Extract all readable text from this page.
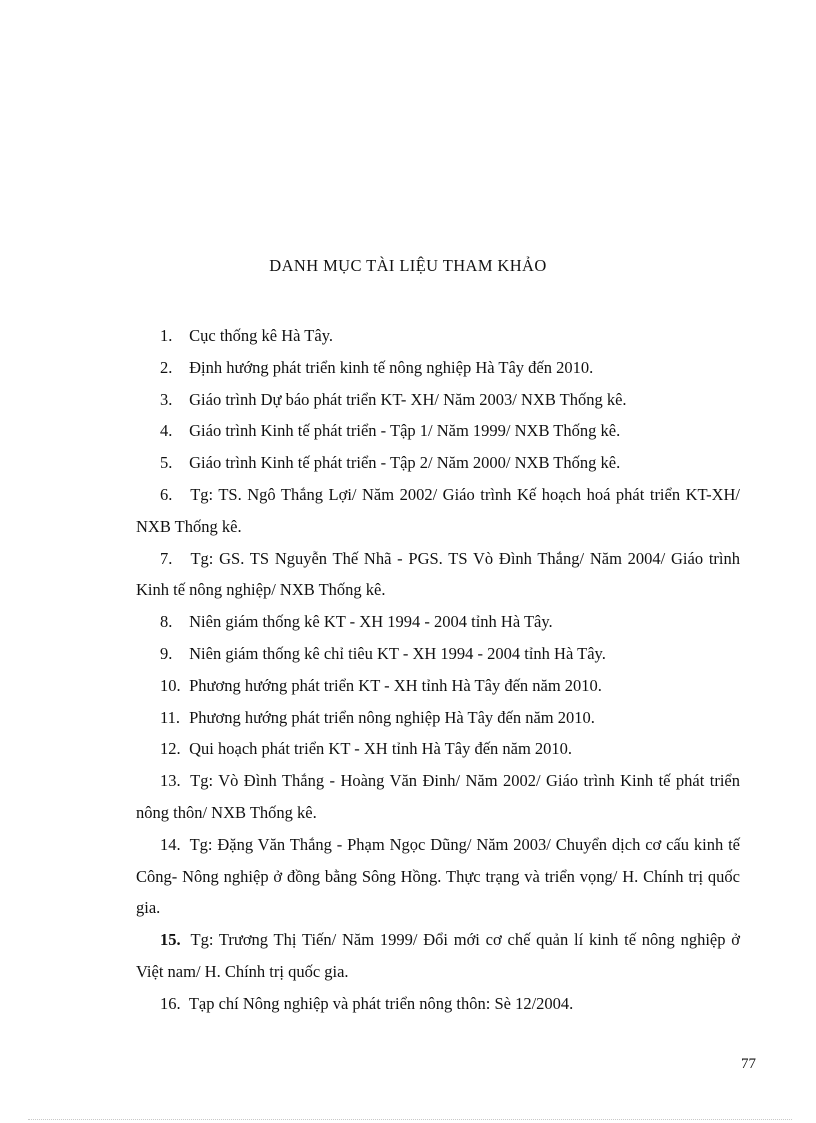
DANH MỤC TÀI LIỆU THAM KHẢO

1. Cục thống kê Hà Tây.

2. Định hướng phát triển kinh tế nông nghiệp Hà Tây đến 2010.

3. Giáo trình Dự báo phát triển KT- XH/ Năm 2003/ NXB Thống kê.

4. Giáo trình Kinh tế phát triển - Tập 1/ Năm 1999/ NXB Thống kê.

5. Giáo trình Kinh tế phát triển - Tập 2/ Năm 2000/ NXB Thống kê.

6. Tg: TS. Ngô Thắng Lợi/ Năm 2002/ Giáo trình Kế hoạch hoá phát triển KT-XH/ NXB Thống kê.

7. Tg: GS. TS Nguyễn Thế Nhã - PGS. TS Vò Đình Thắng/ Năm 2004/ Giáo trình Kinh tế nông nghiệp/ NXB Thống kê.

8. Niên giám thống kê KT - XH 1994 - 2004 tỉnh Hà Tây.

9. Niên giám thống kê chỉ tiêu KT - XH 1994 - 2004 tỉnh Hà Tây.

10. Phương hướng phát triển KT - XH tỉnh Hà Tây đến năm 2010.

11. Phương hướng phát triển nông nghiệp Hà Tây đến năm 2010.

12. Qui hoạch phát triển KT - XH tỉnh Hà Tây đến năm 2010.

13. Tg: Vò Đình Thắng - Hoàng Văn Đinh/ Năm 2002/ Giáo trình Kinh tế phát triển nông thôn/ NXB Thống kê.

14. Tg: Đặng Văn Thắng - Phạm Ngọc Dũng/ Năm 2003/ Chuyển dịch cơ cấu kinh tế Công- Nông nghiệp ở đồng bằng Sông Hồng. Thực trạng và triển vọng/ H. Chính trị quốc gia.

15. Tg: Trương Thị Tiến/ Năm 1999/ Đổi mới cơ chế quản lí kinh tế nông nghiệp ở Việt nam/ H. Chính trị quốc gia.

16. Tạp chí Nông nghiệp và phát triển nông thôn: Sè 12/2004.

77
